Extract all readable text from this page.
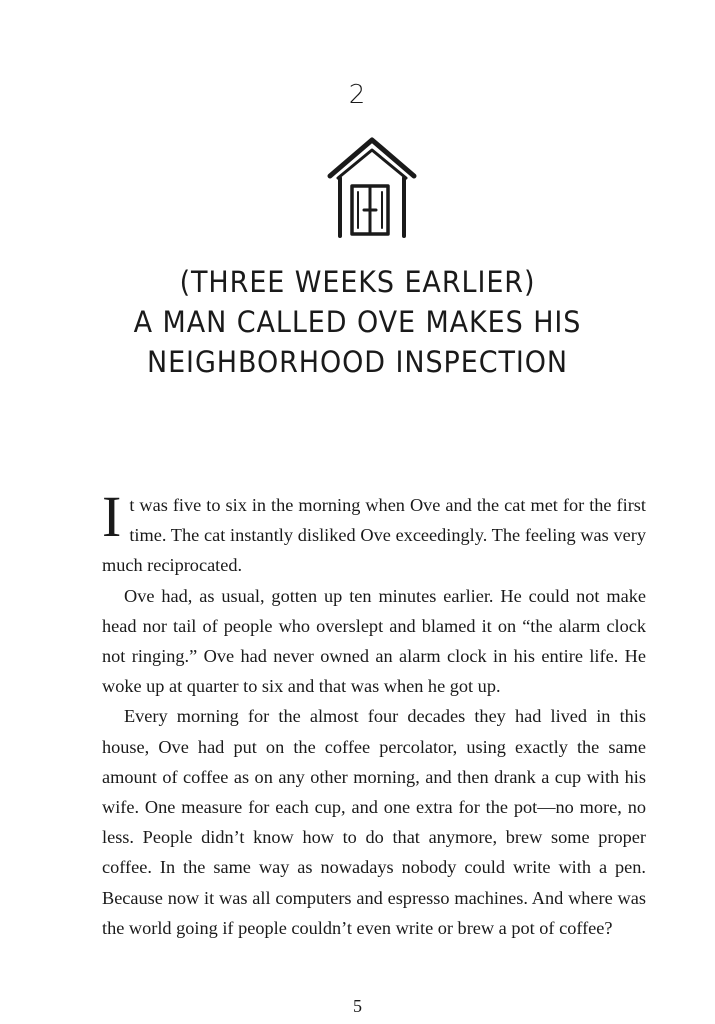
2
(THREE WEEKS EARLIER)
A MAN CALLED OVE MAKES HIS
NEIGHBORHOOD INSPECTION

It was five to six in the morning when Ove and the cat met for the first time. The cat instantly disliked Ove exceedingly. The feeling was very much reciprocated.

Ove had, as usual, gotten up ten minutes earlier. He could not make head nor tail of people who overslept and blamed it on “the alarm clock not ringing.” Ove had never owned an alarm clock in his entire life. He woke up at quarter to six and that was when he got up.

Every morning for the almost four decades they had lived in this house, Ove had put on the coffee percolator, using exactly the same amount of coffee as on any other morning, and then drank a cup with his wife. One measure for each cup, and one extra for the pot—no more, no less. People didn’t know how to do that anymore, brew some proper coffee. In the same way as nowadays nobody could write with a pen. Because now it was all computers and espresso machines. And where was the world going if people couldn’t even write or brew a pot of coffee?

5
